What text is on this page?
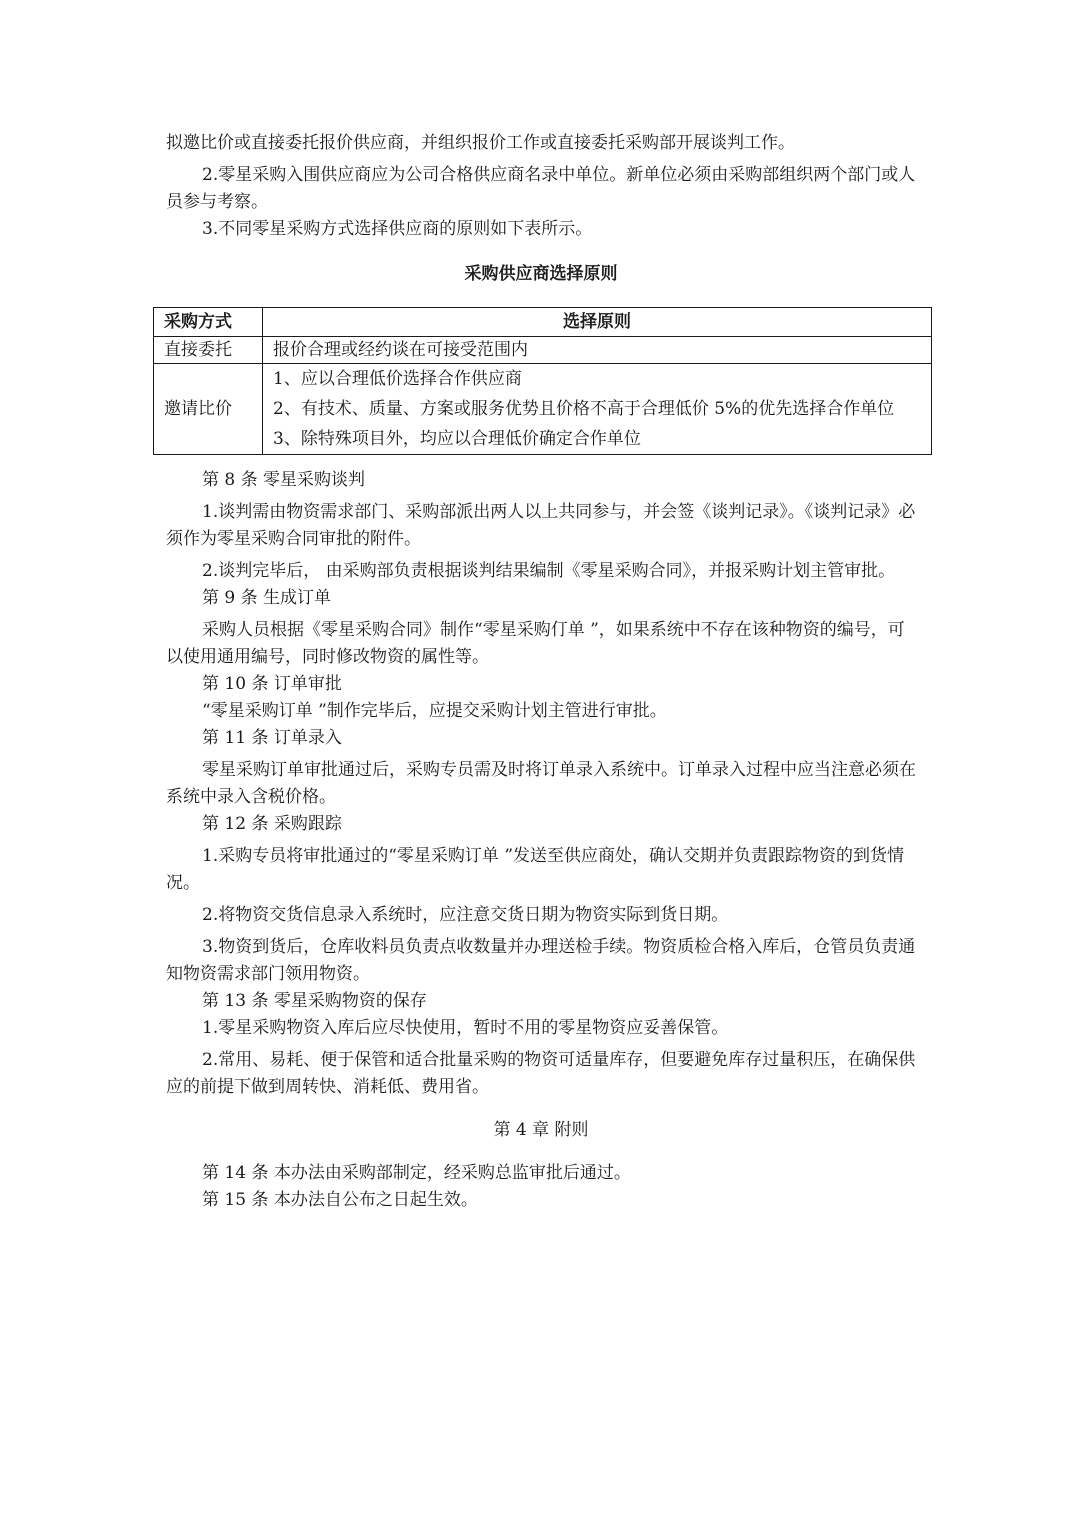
拟邀比价或直接委托报价供应商，并组织报价工作或直接委托采购部开展谈判工作。

2.零星采购入围供应商应为公司合格供应商名录中单位。新单位必须由采购部组织两个部门或人员参与考察。

3.不同零星采购方式选择供应商的原则如下表所示。

采购供应商选择原则

采购方式	选择原则
直接委托	报价合理或经约谈在可接受范围内

邀请比价	1、应以合理低价选择合作供应商
2、有技术、质量、方案或服务优势且价格不高于合理低价 5%的优先选择合作单位
3、除特殊项目外，均应以合理低价确定合作单位

第 8 条 零星采购谈判

1.谈判需由物资需求部门、采购部派出两人以上共同参与，并会签《谈判记录》。《谈判记录》必须作为零星采购合同审批的附件。

2.谈判完毕后， 由采购部负责根据谈判结果编制《零星采购合同》，并报采购计划主管审批。

第 9 条 生成订单

采购人员根据《零星采购合同》制作“零星采购仃单 ”，如果系统中不存在该种物资的编号，可以使用通用编号，同时修改物资的属性等。

第 10 条 订单审批

“零星采购订单 ”制作完毕后，应提交采购计划主管进行审批。

第 11 条 订单录入

零星采购订单审批通过后，采购专员需及时将订单录入系统中。订单录入过程中应当注意必须在系统中录入含税价格。

第 12 条 采购跟踪

1.采购专员将审批通过的“零星采购订单 ”发送至供应商处，确认交期并负责跟踪物资的到货情况。

2.将物资交货信息录入系统时，应注意交货日期为物资实际到货日期。

3.物资到货后，仓库收料员负责点收数量并办理送检手续。物资质检合格入库后，仓管员负责通知物资需求部门领用物资。

第 13 条 零星采购物资的保存

1.零星采购物资入库后应尽快使用，暂时不用的零星物资应妥善保管。

2.常用、易耗、便于保管和适合批量采购的物资可适量库存，但要避免库存过量积压，在确保供应的前提下做到周转快、消耗低、费用省。

第 4 章 附则

第 14 条 本办法由采购部制定，经采购总监审批后通过。

第 15 条 本办法自公布之日起生效。
